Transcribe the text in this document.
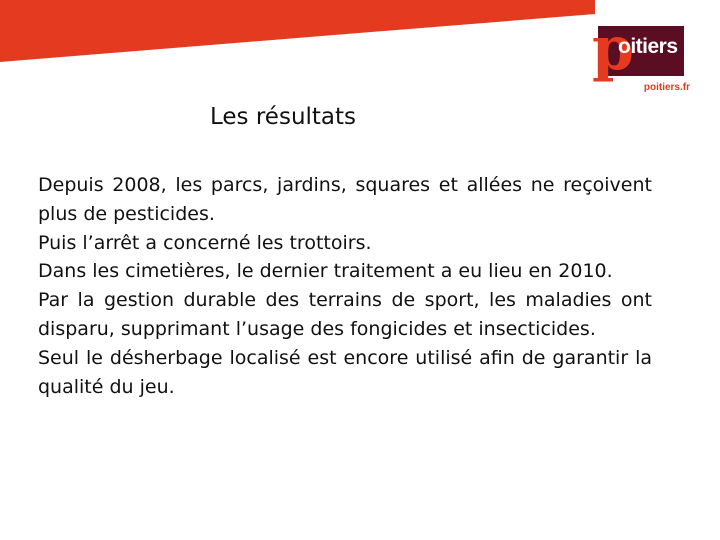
p
oitiers
poitiers.fr
Les résultats
Depuis 2008, les parcs, jardins, squares et allées ne reçoivent
plus de pesticides.
Puis l’arrêt a concerné les trottoirs.
Dans les cimetières, le dernier traitement a eu lieu en 2010.
Par la gestion durable des terrains de sport, les maladies ont
disparu, supprimant l’usage des fongicides et insecticides.
Seul le désherbage localisé est encore utilisé afin de garantir la
qualité du jeu.
